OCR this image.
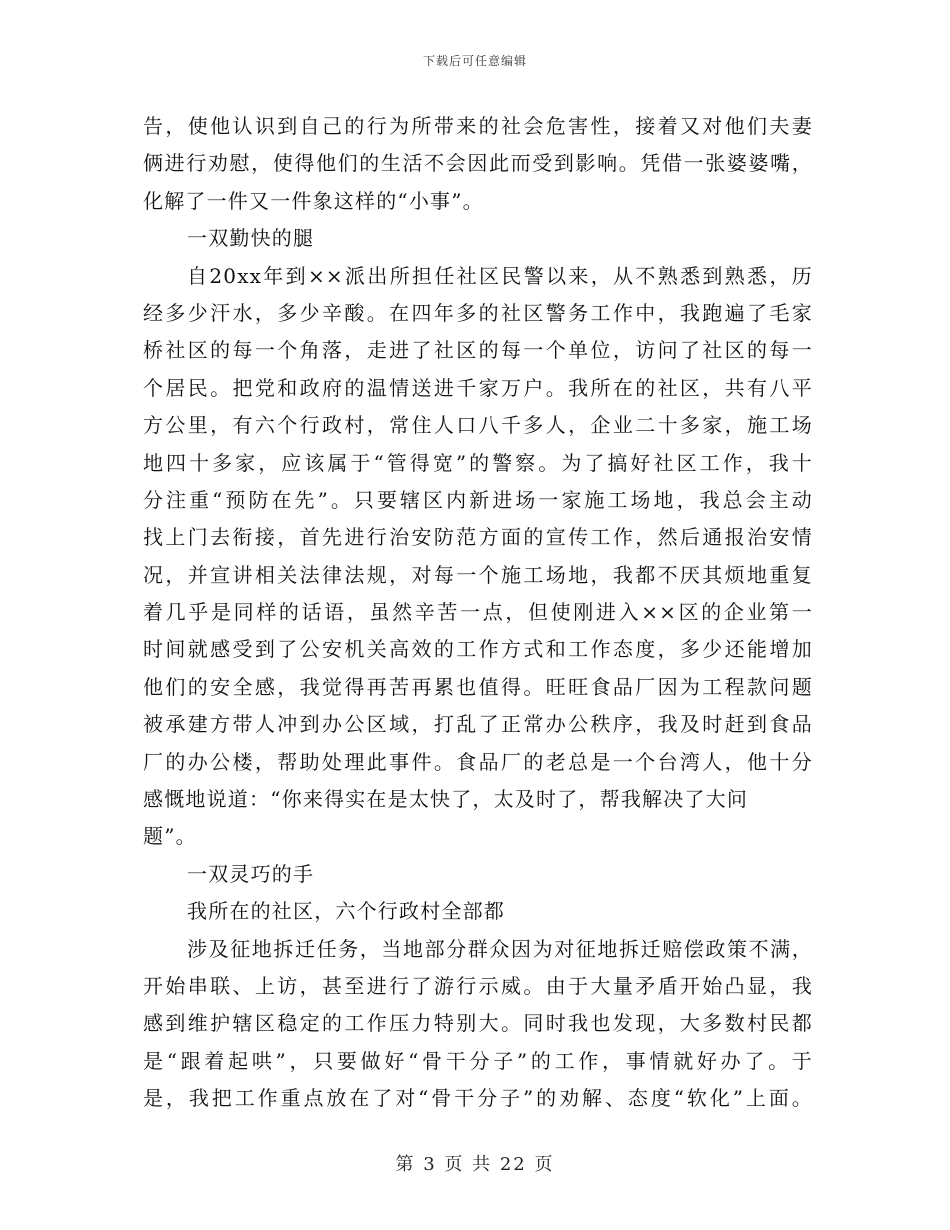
下载后可任意编辑
告，使他认识到自己的行为所带来的社会危害性，接着又对他们夫妻
俩进行劝慰，使得他们的生活不会因此而受到影响。凭借一张婆婆嘴，
化解了一件又一件象这样的“小事”。
一双勤快的腿
自20xx年到××派出所担任社区民警以来，从不熟悉到熟悉，历
经多少汗水，多少辛酸。在四年多的社区警务工作中，我跑遍了毛家
桥社区的每一个角落，走进了社区的每一个单位，访问了社区的每一
个居民。把党和政府的温情送进千家万户。我所在的社区，共有八平
方公里，有六个行政村，常住人口八千多人，企业二十多家，施工场
地四十多家，应该属于“管得宽”的警察。为了搞好社区工作，我十
分注重“预防在先”。只要辖区内新进场一家施工场地，我总会主动
找上门去衔接，首先进行治安防范方面的宣传工作，然后通报治安情
况，并宣讲相关法律法规，对每一个施工场地，我都不厌其烦地重复
着几乎是同样的话语，虽然辛苦一点，但使刚进入××区的企业第一
时间就感受到了公安机关高效的工作方式和工作态度，多少还能增加
他们的安全感，我觉得再苦再累也值得。旺旺食品厂因为工程款问题
被承建方带人冲到办公区域，打乱了正常办公秩序，我及时赶到食品
厂的办公楼，帮助处理此事件。食品厂的老总是一个台湾人，他十分
感慨地说道：“你来得实在是太快了，太及时了，帮我解决了大问
题”。
一双灵巧的手
我所在的社区，六个行政村全部都
涉及征地拆迁任务，当地部分群众因为对征地拆迁赔偿政策不满，
开始串联、上访，甚至进行了游行示威。由于大量矛盾开始凸显，我
感到维护辖区稳定的工作压力特别大。同时我也发现，大多数村民都
是“跟着起哄”，只要做好“骨干分子”的工作，事情就好办了。于
是，我把工作重点放在了对“骨干分子”的劝解、态度“软化”上面。
第 3 页 共 22 页
